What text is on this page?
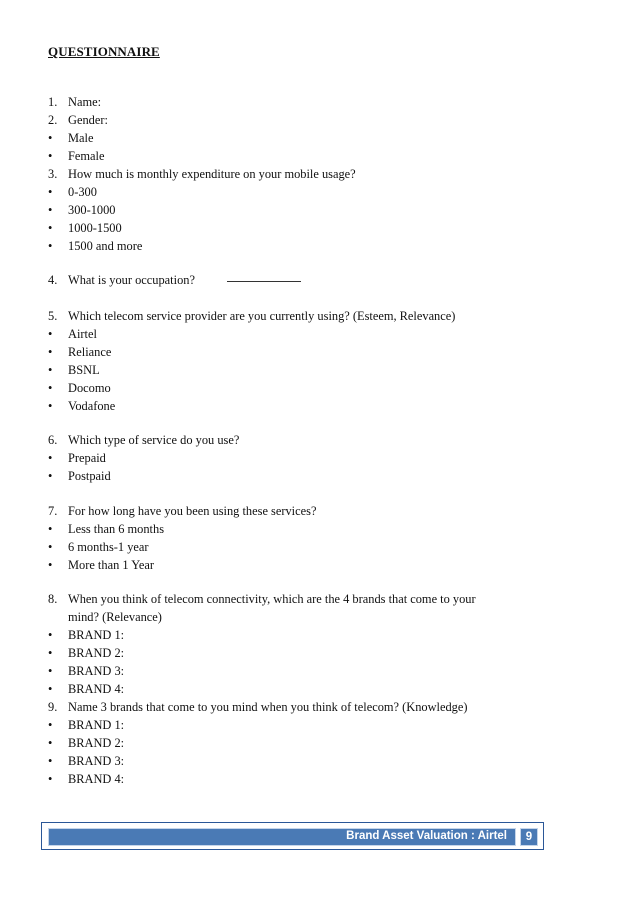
QUESTIONNAIRE
1. Name:
2. Gender:
• Male
• Female
3. How much is monthly expenditure on your mobile usage?
• 0-300
• 300-1000
• 1000-1500
• 1500 and more
4. What is your occupation?
5. Which telecom service provider are you currently using? (Esteem, Relevance)
• Airtel
• Reliance
• BSNL
• Docomo
• Vodafone
6. Which type of service do you use?
• Prepaid
• Postpaid
7. For how long have you been using these services?
• Less than 6 months
• 6 months-1 year
• More than 1 Year
8. When you think of telecom connectivity, which are the 4 brands that come to your
mind? (Relevance)
• BRAND 1:
• BRAND 2:
• BRAND 3:
• BRAND 4:
9. Name 3 brands that come to you mind when you think of telecom? (Knowledge)
• BRAND 1:
• BRAND 2:
• BRAND 3:
• BRAND 4:
Brand Asset Valuation : Airtel	9
